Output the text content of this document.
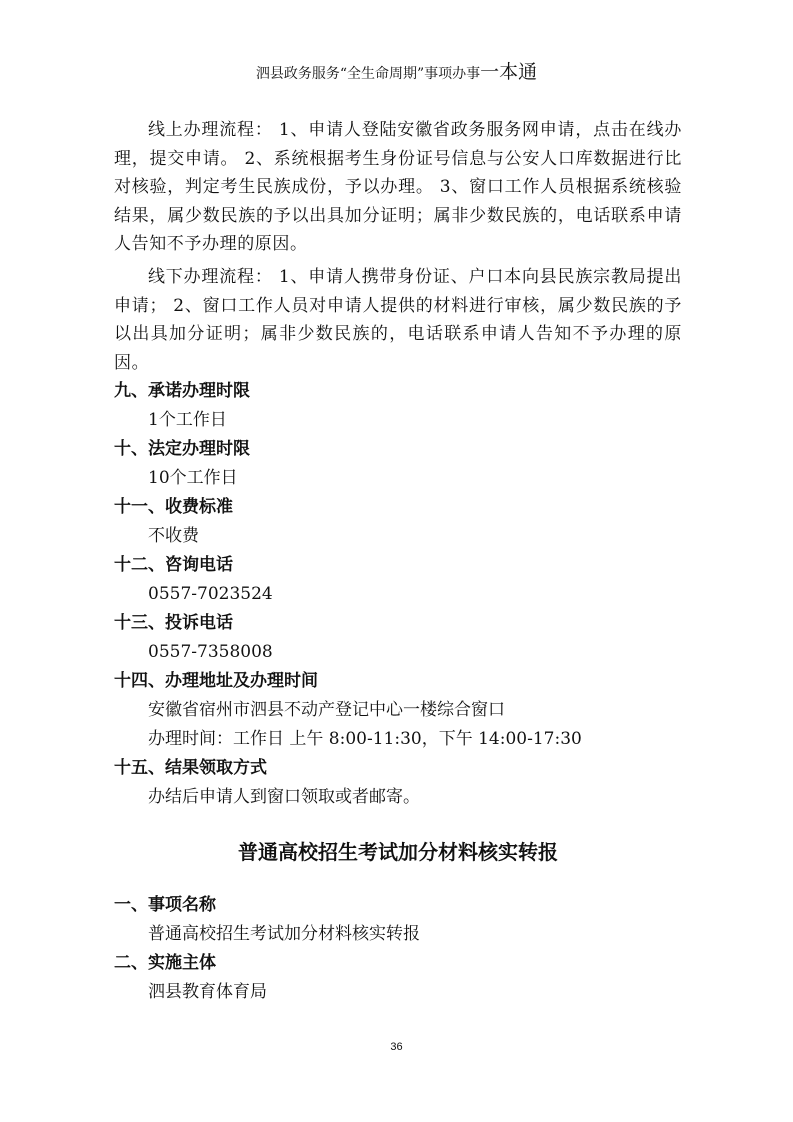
泗县政务服务“全生命周期”事项办事一本通

线上办理流程： 1、申请人登陆安徽省政务服务网申请，点击在线办理，提交申请。 2、系统根据考生身份证号信息与公安人口库数据进行比对核验，判定考生民族成份，予以办理。 3、窗口工作人员根据系统核验结果，属少数民族的予以出具加分证明；属非少数民族的，电话联系申请人告知不予办理的原因。

线下办理流程： 1、申请人携带身份证、户口本向县民族宗教局提出申请； 2、窗口工作人员对申请人提供的材料进行审核，属少数民族的予以出具加分证明；属非少数民族的，电话联系申请人告知不予办理的原因。

九、承诺办理时限

1个工作日

十、法定办理时限

10个工作日

十一、收费标准

不收费

十二、咨询电话

0557-7023524

十三、投诉电话

0557-7358008

十四、办理地址及办理时间

安徽省宿州市泗县不动产登记中心一楼综合窗口

办理时间：工作日 上午 8:00-11:30，下午 14:00-17:30

十五、结果领取方式

办结后申请人到窗口领取或者邮寄。

普通高校招生考试加分材料核实转报

一、事项名称

普通高校招生考试加分材料核实转报

二、实施主体

泗县教育体育局

36
